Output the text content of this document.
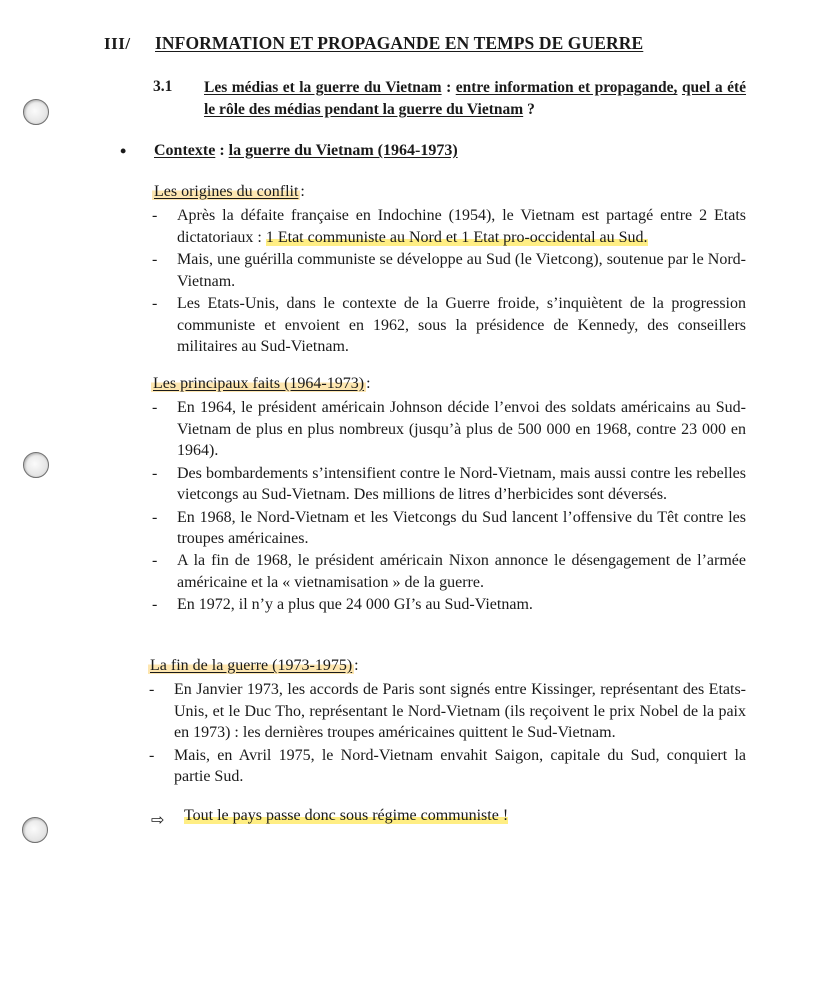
III/ INFORMATION ET PROPAGANDE EN TEMPS DE GUERRE
3.1 Les médias et la guerre du Vietnam : entre information et propagande, quel a été le rôle des médias pendant la guerre du Vietnam ?
• Contexte : la guerre du Vietnam (1964-1973)
Les origines du conflit:
- Après la défaite française en Indochine (1954), le Vietnam est partagé entre 2 Etats dictatoriaux : 1 Etat communiste au Nord et 1 Etat pro-occidental au Sud.
- Mais, une guérilla communiste se développe au Sud (le Vietcong), soutenue par le Nord-Vietnam.
- Les Etats-Unis, dans le contexte de la Guerre froide, s’inquiètent de la progression communiste et envoient en 1962, sous la présidence de Kennedy, des conseillers militaires au Sud-Vietnam.
Les principaux faits (1964-1973):
- En 1964, le président américain Johnson décide l’envoi des soldats américains au Sud-Vietnam de plus en plus nombreux (jusqu’à plus de 500 000 en 1968, contre 23 000 en 1964).
- Des bombardements s’intensifient contre le Nord-Vietnam, mais aussi contre les rebelles vietcongs au Sud-Vietnam. Des millions de litres d’herbicides sont déversés.
- En 1968, le Nord-Vietnam et les Vietcongs du Sud lancent l’offensive du Têt contre les troupes américaines.
- A la fin de 1968, le président américain Nixon annonce le désengagement de l’armée américaine et la « vietnamisation » de la guerre.
- En 1972, il n’y a plus que 24 000 GI’s au Sud-Vietnam.
La fin de la guerre (1973-1975):
- En Janvier 1973, les accords de Paris sont signés entre Kissinger, représentant des Etats-Unis, et le Duc Tho, représentant le Nord-Vietnam (ils reçoivent le prix Nobel de la paix en 1973) : les dernières troupes américaines quittent le Sud-Vietnam.
- Mais, en Avril 1975, le Nord-Vietnam envahit Saigon, capitale du Sud, conquiert la partie Sud.
⇨ Tout le pays passe donc sous régime communiste !
